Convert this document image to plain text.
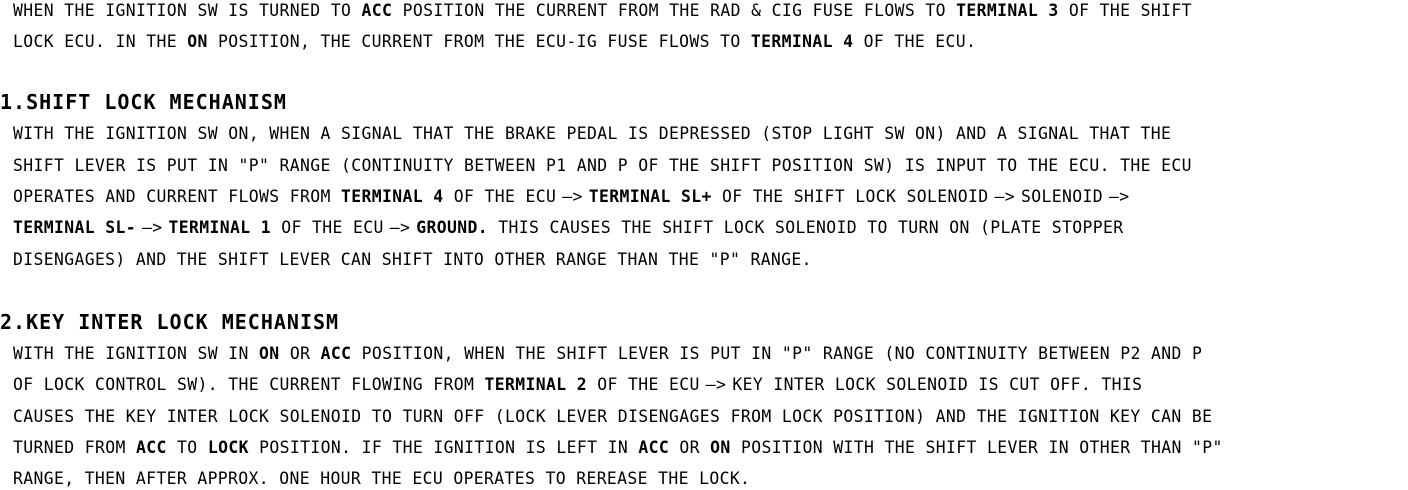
WHEN THE IGNITION SW IS TURNED TO ACC POSITION THE CURRENT FROM THE RAD & CIG FUSE FLOWS TO TERMINAL 3 OF THE SHIFT
LOCK ECU. IN THE ON POSITION, THE CURRENT FROM THE ECU-IG FUSE FLOWS TO TERMINAL 4 OF THE ECU.
1.SHIFT LOCK MECHANISM
WITH THE IGNITION SW ON, WHEN A SIGNAL THAT THE BRAKE PEDAL IS DEPRESSED (STOP LIGHT SW ON) AND A SIGNAL THAT THE
SHIFT LEVER IS PUT IN "P" RANGE (CONTINUITY BETWEEN P1 AND P OF THE SHIFT POSITION SW) IS INPUT TO THE ECU. THE ECU
OPERATES AND CURRENT FLOWS FROM TERMINAL 4 OF THE ECU —> TERMINAL SL+ OF THE SHIFT LOCK SOLENOID —> SOLENOID —>
TERMINAL SL- —> TERMINAL 1 OF THE ECU —> GROUND. THIS CAUSES THE SHIFT LOCK SOLENOID TO TURN ON (PLATE STOPPER
DISENGAGES) AND THE SHIFT LEVER CAN SHIFT INTO OTHER RANGE THAN THE "P" RANGE.
2.KEY INTER LOCK MECHANISM
WITH THE IGNITION SW IN ON OR ACC POSITION, WHEN THE SHIFT LEVER IS PUT IN "P" RANGE (NO CONTINUITY BETWEEN P2 AND P
OF LOCK CONTROL SW). THE CURRENT FLOWING FROM TERMINAL 2 OF THE ECU —> KEY INTER LOCK SOLENOID IS CUT OFF. THIS
CAUSES THE KEY INTER LOCK SOLENOID TO TURN OFF (LOCK LEVER DISENGAGES FROM LOCK POSITION) AND THE IGNITION KEY CAN BE
TURNED FROM ACC TO LOCK POSITION. IF THE IGNITION IS LEFT IN ACC OR ON POSITION WITH THE SHIFT LEVER IN OTHER THAN "P"
RANGE, THEN AFTER APPROX. ONE HOUR THE ECU OPERATES TO REREASE THE LOCK.
